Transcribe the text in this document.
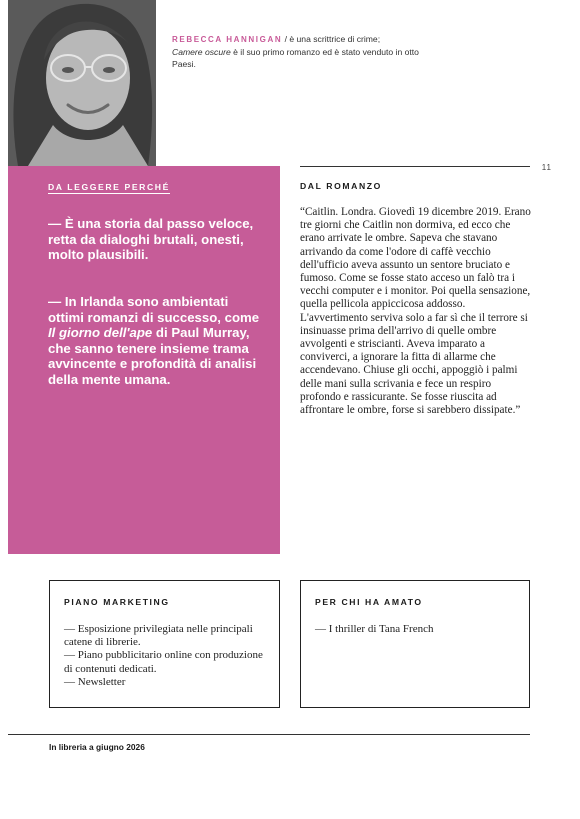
REBECCA HANNIGAN / è una scrittrice di crime;
Camere oscure è il suo primo romanzo ed è stato venduto in otto Paesi.
11
DA LEGGERE PERCHÉ

— È una storia dal passo veloce, retta da dialoghi brutali, onesti, molto plausibili.

— In Irlanda sono ambientati ottimi romanzi di successo, come Il giorno dell'ape di Paul Murray, che sanno tenere insieme trama avvincente e profondità di analisi della mente umana.

DAL ROMANZO

“Caitlin. Londra. Giovedì 19 dicembre 2019. Erano tre giorni che Caitlin non dormiva, ed ecco che erano arrivate le ombre. Sapeva che stavano arrivando da come l'odore di caffè vecchio dell'ufficio aveva assunto un sentore bruciato e fumoso. Come se fosse stato acceso un falò tra i vecchi computer e i monitor. Poi quella sensazione, quella pellicola appiccicosa addosso. L'avvertimento serviva solo a far sì che il terrore si insinuasse prima dell'arrivo di quelle ombre avvolgenti e striscianti. Aveva imparato a conviverci, a ignorare la fitta di allarme che accendevano. Chiuse gli occhi, appoggiò i palmi delle mani sulla scrivania e fece un respiro profondo e rassicurante. Se fosse riuscita ad affrontare le ombre, forse si sarebbero dissipate.”

PIANO MARKETING
— Esposizione privilegiata nelle principali catene di librerie.
— Piano pubblicitario online con produzione di contenuti dedicati.
— Newsletter
PER CHI HA AMATO
— I thriller di Tana French
In libreria a giugno 2026
